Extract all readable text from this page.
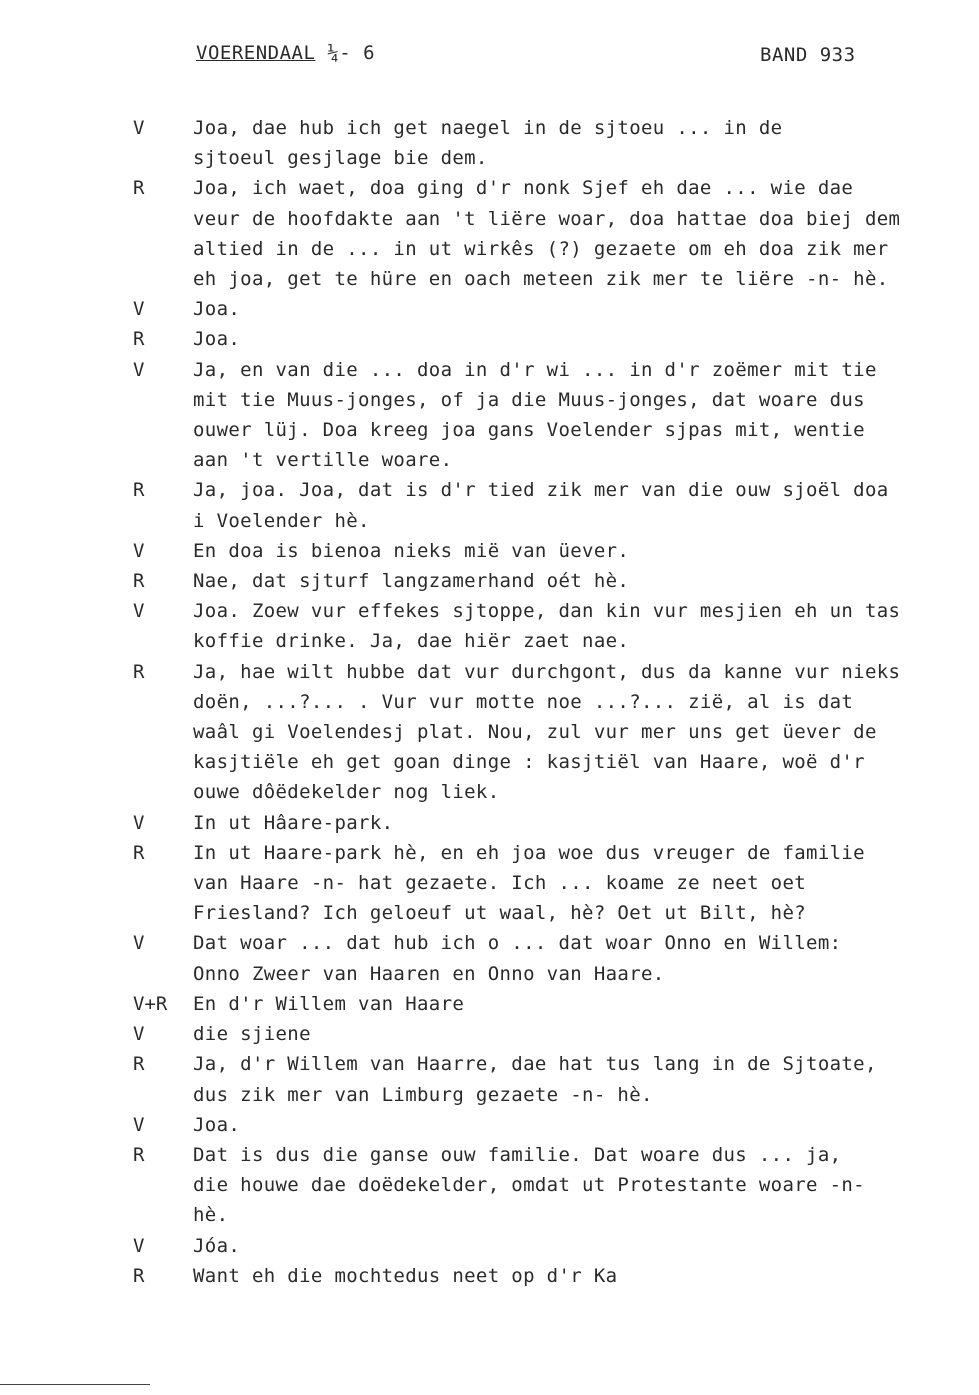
VOERENDAAL ¼- 6	BAND 933
V	Joa, dae hub ich get naegel in de sjtoeu ... in de
sjtoeul gesjlage bie dem.
R	Joa, ich waet, doa ging d'r nonk Sjef eh dae ... wie dae
veur de hoofdakte aan 't liëre woar, doa hattae doa biej dem
altied in de ... in ut wirkês (?) gezaete om eh doa zik mer
eh joa, get te hüre en oach meteen zik mer te liëre -n- hè.
V	Joa.
R	Joa.
V	Ja, en van die ... doa in d'r wi ... in d'r zoëmer mit tie
mit tie Muus-jonges, of ja die Muus-jonges, dat woare dus
ouwer lüj. Doa kreeg joa gans Voelender sjpas mit, wentie
aan 't vertille woare.
R	Ja, joa. Joa, dat is d'r tied zik mer van die ouw sjoël doa
i Voelender hè.
V	En doa is bienoa nieks mië van üever.
R	Nae, dat sjturf langzamerhand oét hè.
V	Joa. Zoew vur effekes sjtoppe, dan kin vur mesjien eh un tas
koffie drinke. Ja, dae hiër zaet nae.
R	Ja, hae wilt hubbe dat vur durchgont, dus da kanne vur nieks
doën, ...?... . Vur vur motte noe ...?... zië, al is dat
waâl gi Voelendesj plat. Nou, zul vur mer uns get üever de
kasjtiële eh get goan dinge : kasjtiël van Haare, woë d'r
ouwe dôëdekelder nog liek.
V	In ut Hâare-park.
R	In ut Haare-park hè, en eh joa woe dus vreuger de familie
van Haare -n- hat gezaete. Ich ... koame ze neet oet
Friesland? Ich geloeuf ut waal, hè? Oet ut Bilt, hè?
V	Dat woar ... dat hub ich o ... dat woar Onno en Willem:
Onno Zweer van Haaren en Onno van Haare.
V+R	En d'r Willem van Haare
V	die sjiene
R	Ja, d'r Willem van Haarre, dae hat tus lang in de Sjtoate,
dus zik mer van Limburg gezaete -n- hè.
V	Joa.
R	Dat is dus die ganse ouw familie. Dat woare dus ... ja,
die houwe dae doëdekelder, omdat ut Protestante woare -n-
hè.
V	Jóa.
R	Want eh die mochtedus neet op d'r Ka
